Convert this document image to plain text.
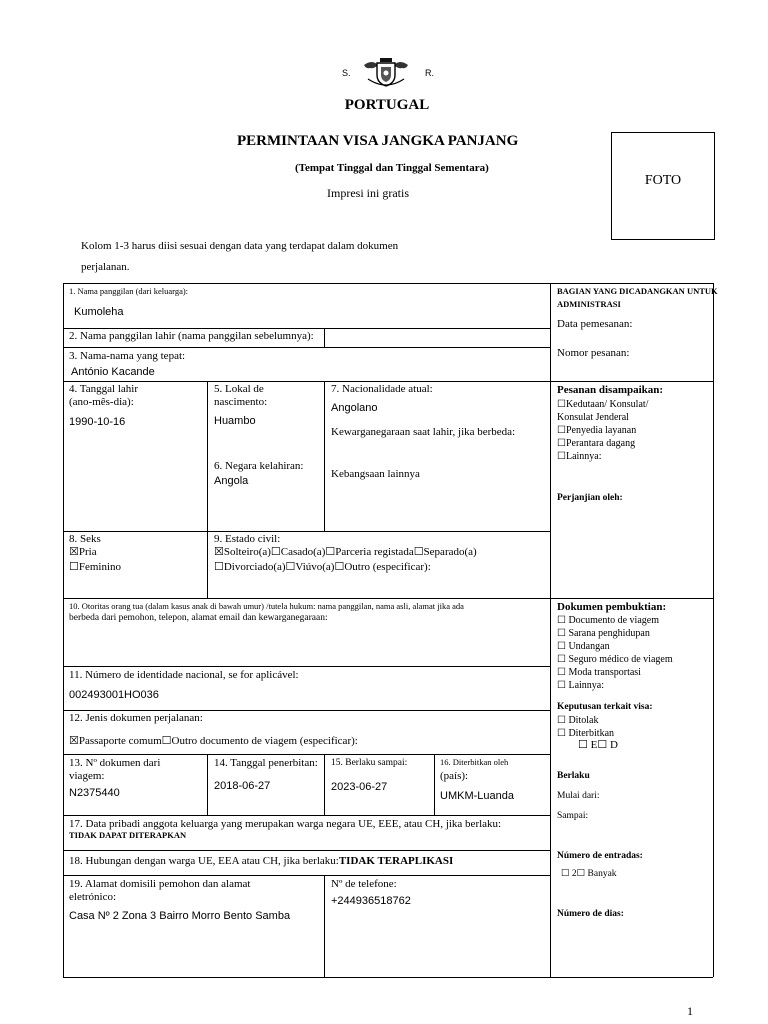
S.	R.
PORTUGAL
PERMINTAAN VISA JANGKA PANJANG
(Tempat Tinggal dan Tinggal Sementara)
Impresi ini gratis
FOTO
Kolom 1-3 harus diisi sesuai dengan data yang terdapat dalam dokumen
perjalanan.
1. Nama panggilan (dari keluarga):
Kumoleha
2. Nama panggilan lahir (nama panggilan sebelumnya):
3. Nama-nama yang tepat:
António Kacande
4. Tanggal lahir
(ano-mês-dia):
1990-10-16
5. Lokal de
nascimento:
Huambo
6. Negara kelahiran:
Angola
7. Nacionalidade atual:
Angolano
Kewarganegaraan saat lahir, jika berbeda:
Kebangsaan lainnya
8. Seks
☒Pria
☐Feminino
9. Estado civil:
☒Solteiro(a)☐Casado(a)☐Parceria registada☐Separado(a)
☐Divorciado(a)☐Viúvo(a)☐Outro (especificar):
10. Otoritas orang tua (dalam kasus anak di bawah umur) /tutela hukum: nama panggilan, nama asli, alamat jika ada
berbeda dari pemohon, telepon, alamat email dan kewarganegaraan:
11. Número de identidade nacional, se for aplicável:
002493001HO036
12. Jenis dokumen perjalanan:
☒Passaporte comum☐Outro documento de viagem (especificar):
13. Nº dokumen dari
viagem:
N2375440
14. Tanggal penerbitan:
2018-06-27
15. Berlaku sampai:
2023-06-27
16. Diterbitkan oleh
(país):
UMKM-Luanda
17. Data pribadi anggota keluarga yang merupakan warga negara UE, EEE, atau CH, jika berlaku:
TIDAK DAPAT DITERAPKAN
18. Hubungan dengan warga UE, EEA atau CH, jika berlaku:TIDAK TERAPLIKASI
19. Alamat domisili pemohon dan alamat
eletrónico:
Casa Nº 2 Zona 3 Bairro Morro Bento Samba
Nº de telefone:
+244936518762
BAGIAN YANG DICADANGKAN UNTUK
ADMINISTRASI
Data pemesanan:
Nomor pesanan:
Pesanan disampaikan:
☐Kedutaan/ Konsulat/
Konsulat Jenderal
☐Penyedia layanan
☐Perantara dagang
☐Lainnya:
Perjanjian oleh:
Dokumen pembuktian:
☐ Documento de viagem
☐ Sarana penghidupan
☐ Undangan
☐ Seguro médico de viagem
☐ Moda transportasi
☐ Lainnya:
Keputusan terkait visa:
☐ Ditolak
☐ Diterbitkan
☐ E☐ D
Berlaku
Mulai dari:
Sampai:
Número de entradas:
☐ 2☐ Banyak
Número de dias:
1
